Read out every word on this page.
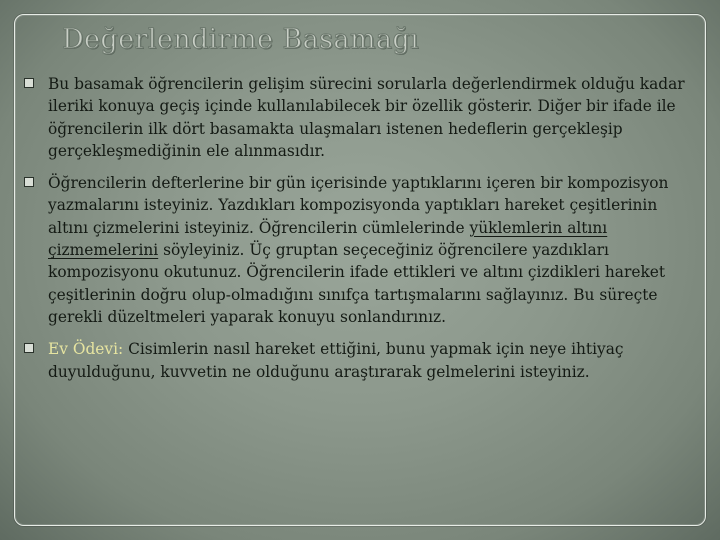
Değerlendirme Basamağı
Bu basamak öğrencilerin gelişim sürecini sorularla değerlendirmek olduğu kadar ileriki konuya geçiş içinde kullanılabilecek bir özellik gösterir. Diğer bir ifade ile öğrencilerin ilk dört basamakta ulaşmaları istenen hedeflerin gerçekleşip gerçekleşmediğinin ele alınmasıdır.
Öğrencilerin defterlerine bir gün içerisinde yaptıklarını içeren bir kompozisyon yazmalarını isteyiniz. Yazdıkları kompozisyonda yaptıkları hareket çeşitlerinin altını çizmelerini isteyiniz. Öğrencilerin cümlelerinde yüklemlerin altını çizmemelerini söyleyiniz. Üç gruptan seçeceğiniz öğrencilere yazdıkları kompozisyonu okutunuz. Öğrencilerin ifade ettikleri ve altını çizdikleri hareket çeşitlerinin doğru olup-olmadığını sınıfça tartışmalarını sağlayınız. Bu süreçte gerekli düzeltmeleri yaparak konuyu sonlandırınız.
Ev Ödevi: Cisimlerin nasıl hareket ettiğini, bunu yapmak için neye ihtiyaç duyulduğunu, kuvvetin ne olduğunu araştırarak gelmelerini isteyiniz.
